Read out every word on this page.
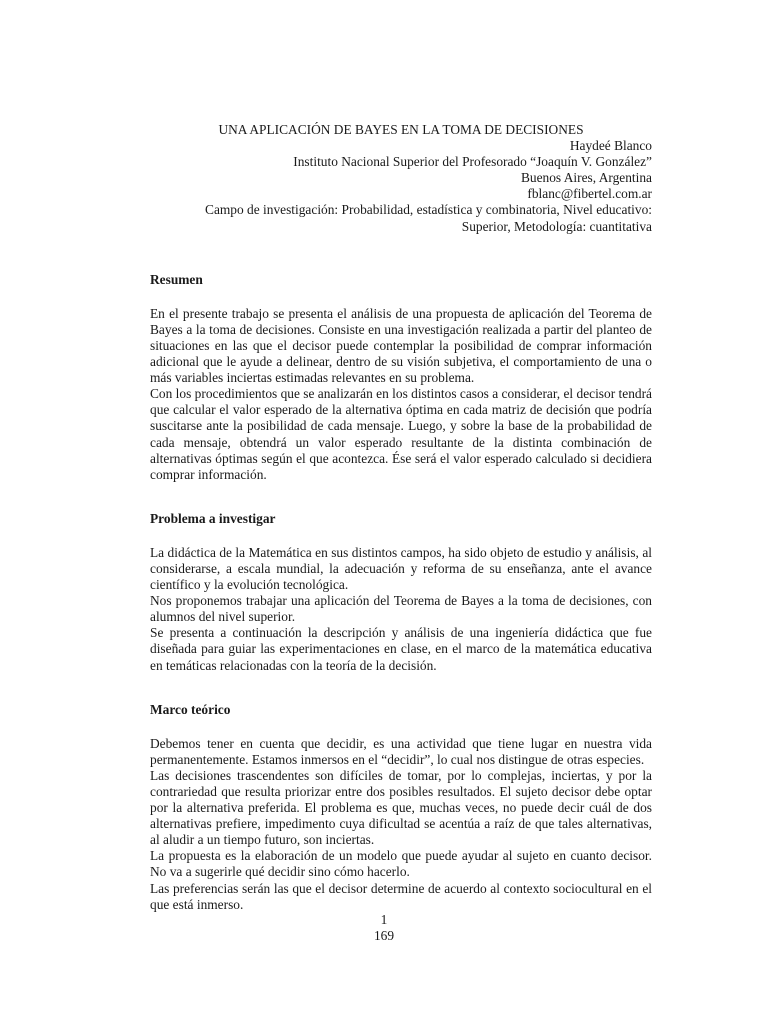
UNA APLICACIÓN DE BAYES EN LA TOMA DE DECISIONES
Haydeé Blanco
Instituto Nacional Superior del Profesorado “Joaquín V. González”
Buenos Aires, Argentina
fblanc@fibertel.com.ar
Campo de investigación: Probabilidad, estadística y combinatoria, Nivel educativo:
Superior, Metodología: cuantitativa
Resumen

En el presente trabajo se presenta el análisis de una propuesta de aplicación del Teorema de Bayes a la toma de decisiones. Consiste en una investigación realizada a partir del planteo de situaciones en las que el decisor puede contemplar la posibilidad de comprar información adicional que le ayude a delinear, dentro de su visión subjetiva, el comportamiento de una o más variables inciertas estimadas relevantes en su problema.

Con los procedimientos que se analizarán en los distintos casos a considerar, el decisor tendrá que calcular el valor esperado de la alternativa óptima en cada matriz de decisión que podría suscitarse ante la posibilidad de cada mensaje. Luego, y sobre la base de la probabilidad de cada mensaje, obtendrá un valor esperado resultante de la distinta combinación de alternativas óptimas según el que acontezca. Ése será el valor esperado calculado si decidiera comprar información.

Problema a investigar

La didáctica de la Matemática en sus distintos campos, ha sido objeto de estudio y análisis, al considerarse, a escala mundial, la adecuación y reforma de su enseñanza, ante el avance científico y la evolución tecnológica.

Nos proponemos trabajar una aplicación del Teorema de Bayes a la toma de decisiones, con alumnos del nivel superior.

Se presenta a continuación la descripción y análisis de una ingeniería didáctica que fue diseñada para guiar las experimentaciones en clase, en el marco de la matemática educativa en temáticas relacionadas con la teoría de la decisión.

Marco teórico

Debemos tener en cuenta que decidir, es una actividad que tiene lugar en nuestra vida permanentemente. Estamos inmersos en el “decidir”, lo cual nos distingue de otras especies.

Las decisiones trascendentes son difíciles de tomar, por lo complejas, inciertas, y por la contrariedad que resulta priorizar entre dos posibles resultados. El sujeto decisor debe optar por la alternativa preferida. El problema es que, muchas veces, no puede decir cuál de dos alternativas prefiere, impedimento cuya dificultad se acentúa a raíz de que tales alternativas, al aludir a un tiempo futuro, son inciertas.

La propuesta es la elaboración de un modelo que puede ayudar al sujeto en cuanto decisor. No va a sugerirle qué decidir sino cómo hacerlo.

Las preferencias serán las que el decisor determine de acuerdo al contexto sociocultural en el que está inmerso.

1
169
